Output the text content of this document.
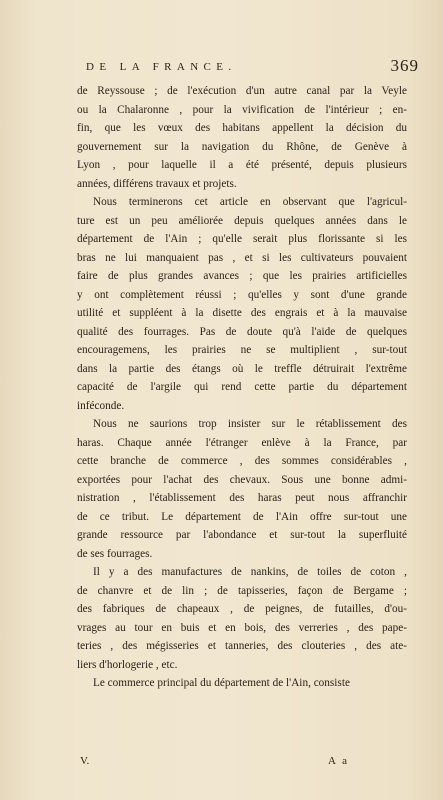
DE LA FRANCE.	369
de Reyssouse ; de l'exécution d'un autre canal par la Veyle
ou la Chalaronne , pour la vivification de l'intérieur ; en-
fin, que les vœux des habitans appellent la décision du
gouvernement sur la navigation du Rhône, de Genève à
Lyon , pour laquelle il a été présenté, depuis plusieurs
années, différens travaux et projets.
Nous terminerons cet article en observant que l'agricul-
ture est un peu améliorée depuis quelques années dans le
département de l'Ain ; qu'elle serait plus florissante si les
bras ne lui manquaient pas , et si les cultivateurs pouvaient
faire de plus grandes avances ; que les prairies artificielles
y ont complètement réussi ; qu'elles y sont d'une grande
utilité et suppléent à la disette des engrais et à la mauvaise
qualité des fourrages. Pas de doute qu'à l'aide de quelques
encouragemens, les prairies ne se multiplient , sur-tout
dans la partie des étangs où le treffle détruirait l'extrême
capacité de l'argile qui rend cette partie du département
inféconde.
Nous ne saurions trop insister sur le rétablissement des
haras. Chaque année l'étranger enlève à la France, par
cette branche de commerce , des sommes considérables ,
exportées pour l'achat des chevaux. Sous une bonne admi-
nistration , l'établissement des haras peut nous affranchir
de ce tribut. Le département de l'Ain offre sur-tout une
grande ressource par l'abondance et sur-tout la superfluité
de ses fourrages.
Il y a des manufactures de nankins, de toiles de coton ,
de chanvre et de lin ; de tapisseries, façon de Bergame ;
des fabriques de chapeaux , de peignes, de futailles, d'ou-
vrages au tour en buis et en bois, des verreries , des pape-
teries , des mégisseries et tanneries, des clouteries , des ate-
liers d'horlogerie , etc.
Le commerce principal du département de l'Ain, consiste
V.	A a
